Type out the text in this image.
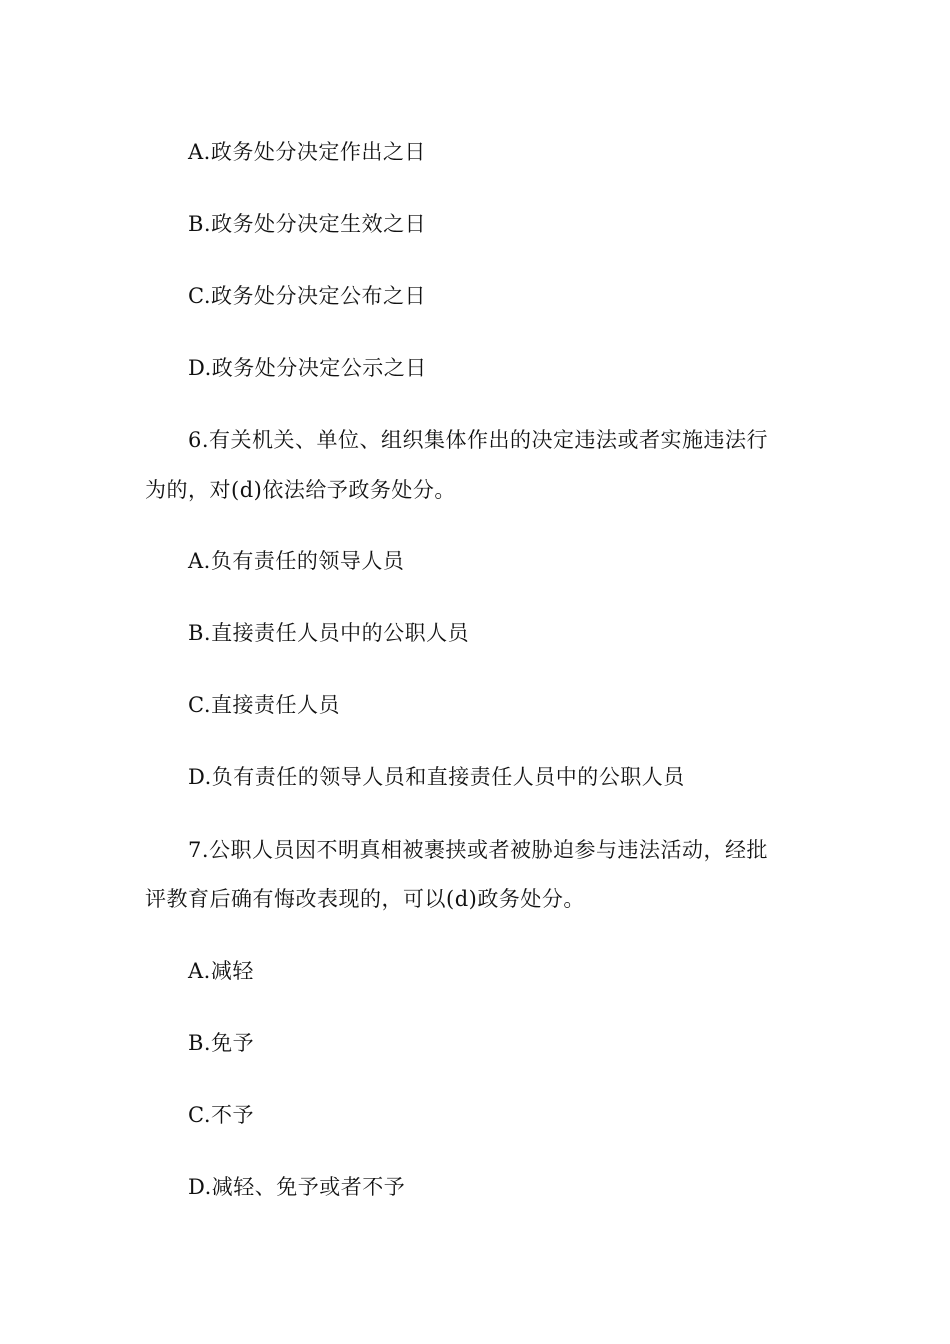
A.政务处分决定作出之日
B.政务处分决定生效之日
C.政务处分决定公布之日
D.政务处分决定公示之日
6.有关机关、单位、组织集体作出的决定违法或者实施违法行
为的，对(d)依法给予政务处分。
A.负有责任的领导人员
B.直接责任人员中的公职人员
C.直接责任人员
D.负有责任的领导人员和直接责任人员中的公职人员
7.公职人员因不明真相被裹挟或者被胁迫参与违法活动，经批
评教育后确有悔改表现的，可以(d)政务处分。
A.减轻
B.免予
C.不予
D.减轻、免予或者不予
